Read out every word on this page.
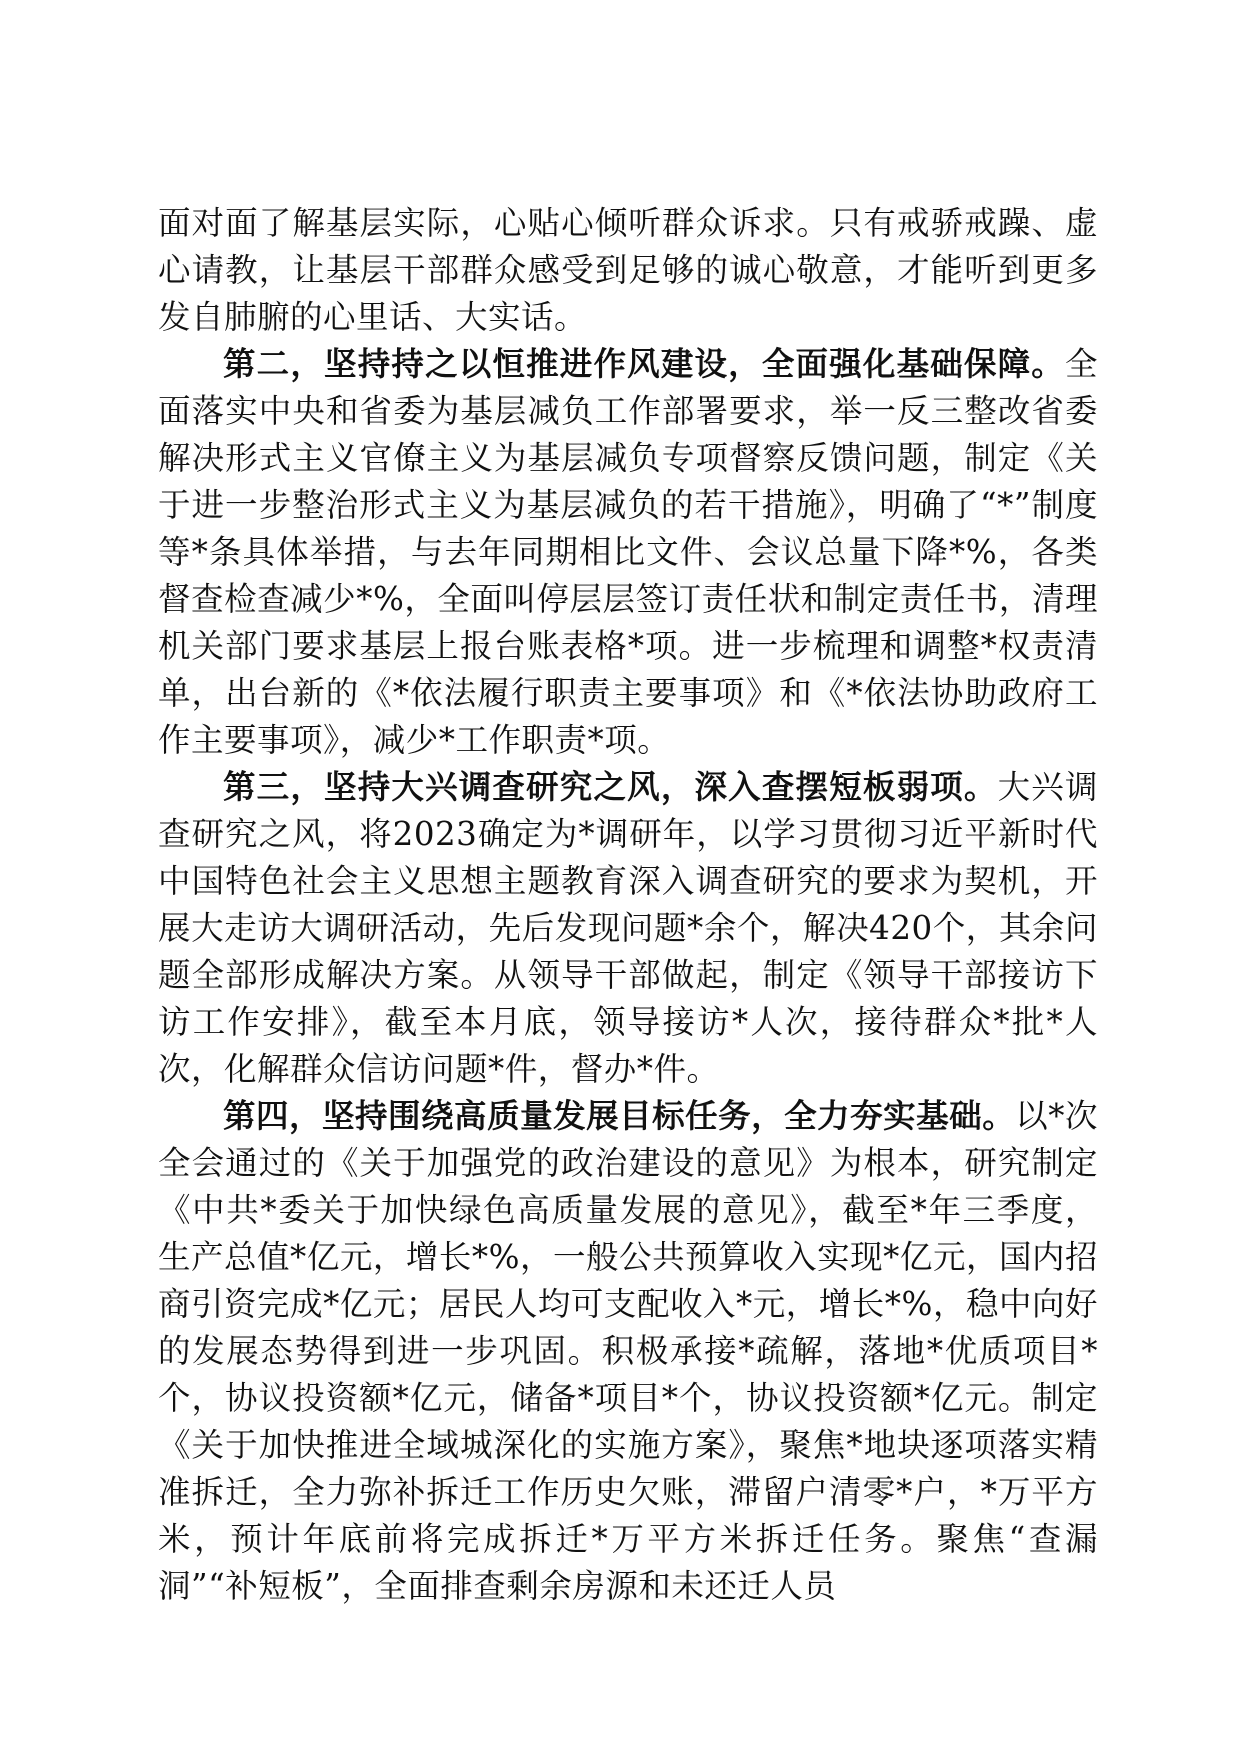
面对面了解基层实际，心贴心倾听群众诉求。只有戒骄戒躁、虚心请教，让基层干部群众感受到足够的诚心敬意，才能听到更多发自肺腑的心里话、大实话。

第二，坚持持之以恒推进作风建设，全面强化基础保障。全面落实中央和省委为基层减负工作部署要求，举一反三整改省委解决形式主义官僚主义为基层减负专项督察反馈问题，制定《关于进一步整治形式主义为基层减负的若干措施》，明确了“*”制度等*条具体举措，与去年同期相比文件、会议总量下降*%，各类督查检查减少*%，全面叫停层层签订责任状和制定责任书，清理机关部门要求基层上报台账表格*项。进一步梳理和调整*权责清单，出台新的《*依法履行职责主要事项》和《*依法协助政府工作主要事项》，减少*工作职责*项。

第三，坚持大兴调查研究之风，深入查摆短板弱项。大兴调查研究之风，将2023确定为*调研年，以学习贯彻习近平新时代中国特色社会主义思想主题教育深入调查研究的要求为契机，开展大走访大调研活动，先后发现问题*余个，解决420个，其余问题全部形成解决方案。从领导干部做起，制定《领导干部接访下访工作安排》，截至本月底，领导接访*人次，接待群众*批*人次，化解群众信访问题*件，督办*件。

第四，坚持围绕高质量发展目标任务，全力夯实基础。以*次全会通过的《关于加强党的政治建设的意见》为根本，研究制定《中共*委关于加快绿色高质量发展的意见》，截至*年三季度，生产总值*亿元，增长*%，一般公共预算收入实现*亿元，国内招商引资完成*亿元；居民人均可支配收入*元，增长*%，稳中向好的发展态势得到进一步巩固。积极承接*疏解，落地*优质项目*个，协议投资额*亿元，储备*项目*个，协议投资额*亿元。制定《关于加快推进全域城深化的实施方案》，聚焦*地块逐项落实精准拆迁，全力弥补拆迁工作历史欠账，滞留户清零*户，*万平方米，预计年底前将完成拆迁*万平方米拆迁任务。聚焦“查漏洞”“补短板”，全面排查剩余房源和未还迁人员
